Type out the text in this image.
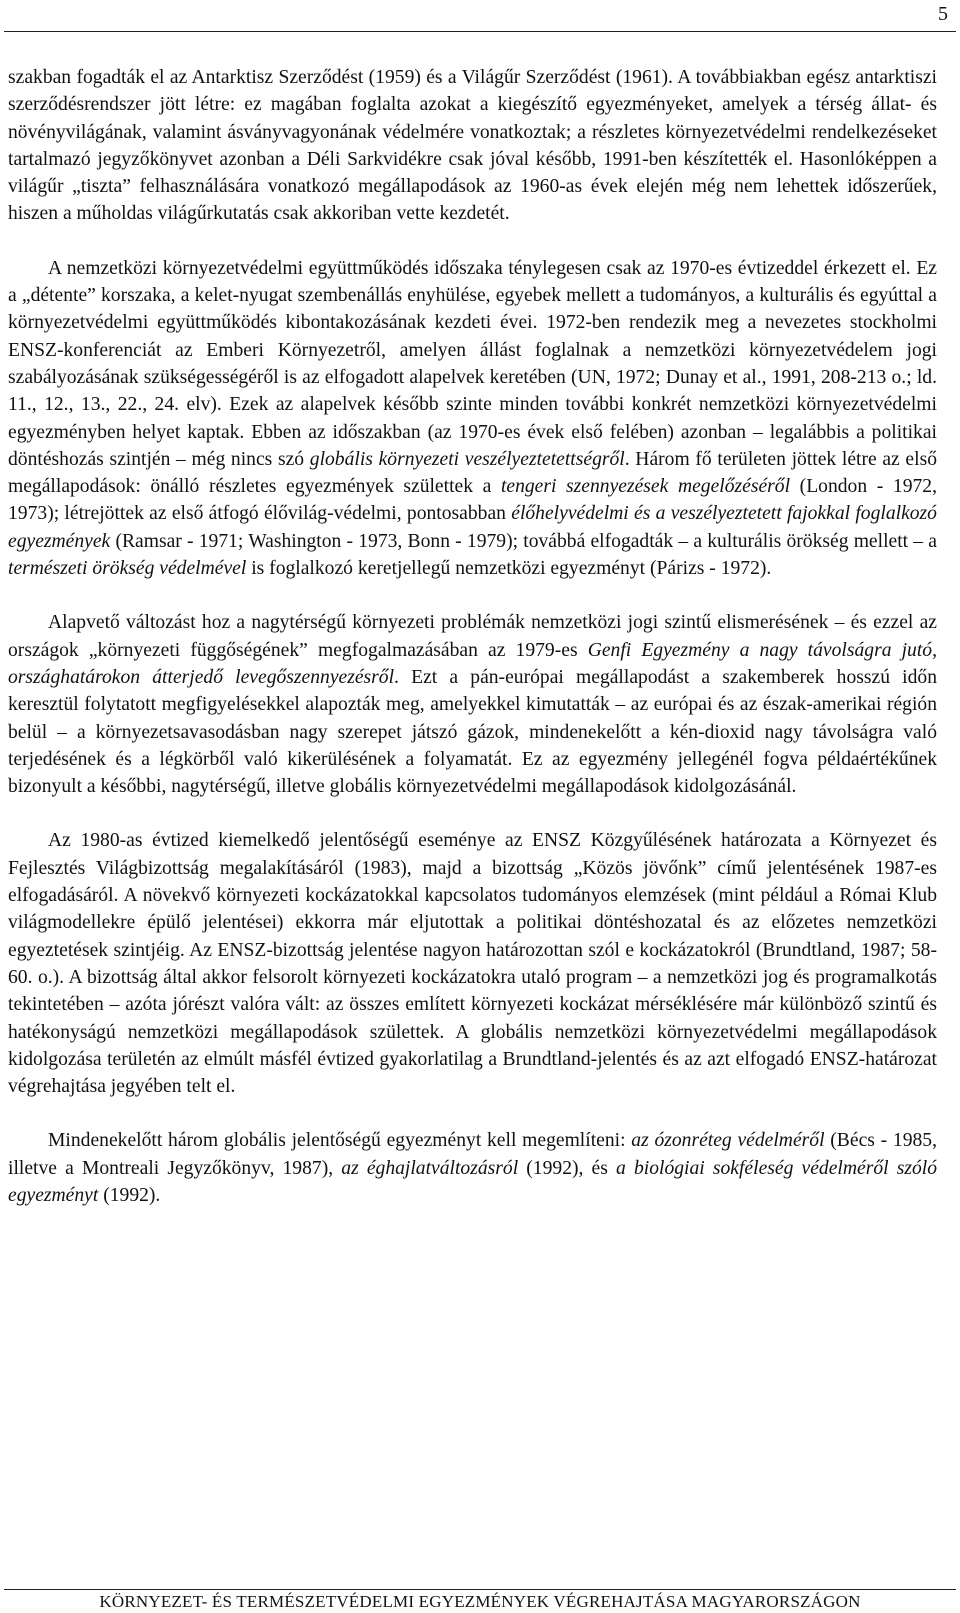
5

szakban fogadták el az Antarktisz Szerződést (1959) és a Világűr Szerződést (1961). A továbbiakban egész antarktiszi szerződésrendszer jött létre: ez magában foglalta azokat a kiegészítő egyezményeket, amelyek a térség állat- és növényvilágának, valamint ásványvagyonának védelmére vonatkoztak; a részletes környezetvédelmi rendelkezéseket tartalmazó jegyzőkönyvet azonban a Déli Sarkvidékre csak jóval később, 1991-ben készítették el. Hasonlóképpen a világűr „tiszta” felhasználására vonatkozó megállapodások az 1960-as évek elején még nem lehettek időszerűek, hiszen a műholdas világűrkutatás csak akkoriban vette kezdetét.

A nemzetközi környezetvédelmi együttműködés időszaka ténylegesen csak az 1970-es évtizeddel érkezett el. Ez a „détente” korszaka, a kelet-nyugat szembenállás enyhülése, egyebek mellett a tudományos, a kulturális és egyúttal a környezetvédelmi együttműködés kibontakozásának kezdeti évei. 1972-ben rendezik meg a nevezetes stockholmi ENSZ-konferenciát az Emberi Környezetről, amelyen állást foglalnak a nemzetközi környezetvédelem jogi szabályozásának szükségességéről is az elfogadott alapelvek keretében (UN, 1972; Dunay et al., 1991, 208-213 o.; ld. 11., 12., 13., 22., 24. elv). Ezek az alapelvek később szinte minden további konkrét nemzetközi környezetvédelmi egyezményben helyet kaptak. Ebben az időszakban (az 1970-es évek első felében) azonban – legalábbis a politikai döntéshozás szintjén – még nincs szó globális környezeti veszélyeztetettségről. Három fő területen jöttek létre az első megállapodások: önálló részletes egyezmények születtek a tengeri szennyezések megelőzéséről (London - 1972, 1973); létrejöttek az első átfogó élővilág-védelmi, pontosabban élőhelyvédelmi és a veszélyeztetett fajokkal foglalkozó egyezmények (Ramsar - 1971; Washington - 1973, Bonn - 1979); továbbá elfogadták – a kulturális örökség mellett – a természeti örökség védelmével is foglalkozó keretjellegű nemzetközi egyezményt (Párizs - 1972).

Alapvető változást hoz a nagytérségű környezeti problémák nemzetközi jogi szintű elismerésének – és ezzel az országok „környezeti függőségének” megfogalmazásában az 1979-es Genfi Egyezmény a nagy távolságra jutó, országhatárokon átterjedő levegőszennyezésről. Ezt a pán-európai megállapodást a szakemberek hosszú időn keresztül folytatott megfigyelésekkel alapozták meg, amelyekkel kimutatták – az európai és az észak-amerikai régión belül – a környezetsavasodásban nagy szerepet játszó gázok, mindenekelőtt a kén-dioxid nagy távolságra való terjedésének és a légkörből való kikerülésének a folyamatát. Ez az egyezmény jellegénél fogva példaértékűnek bizonyult a későbbi, nagytérségű, illetve globális környezetvédelmi megállapodások kidolgozásánál.

Az 1980-as évtized kiemelkedő jelentőségű eseménye az ENSZ Közgyűlésének határozata a Környezet és Fejlesztés Világbizottság megalakításáról (1983), majd a bizottság „Közös jövőnk” című jelentésének 1987-es elfogadásáról. A növekvő környezeti kockázatokkal kapcsolatos tudományos elemzések (mint például a Római Klub világmodellekre épülő jelentései) ekkorra már eljutottak a politikai döntéshozatal és az előzetes nemzetközi egyeztetések szintjéig. Az ENSZ-bizottság jelentése nagyon határozottan szól e kockázatokról (Brundtland, 1987; 58-60. o.). A bizottság által akkor felsorolt környezeti kockázatokra utaló program – a nemzetközi jog és programalkotás tekintetében – azóta jórészt valóra vált: az összes említett környezeti kockázat mérséklésére már különböző szintű és hatékonyságú nemzetközi megállapodások születtek. A globális nemzetközi környezetvédelmi megállapodások kidolgozása területén az elmúlt másfél évtized gyakorlatilag a Brundtland-jelentés és az azt elfogadó ENSZ-határozat végrehajtása jegyében telt el.

Mindenekelőtt három globális jelentőségű egyezményt kell megemlíteni: az ózonréteg védelméről (Bécs - 1985, illetve a Montreali Jegyzőkönyv, 1987), az éghajlatváltozásról (1992), és a biológiai sokféleség védelméről szóló egyezményt (1992).

KÖRNYEZET- ÉS TERMÉSZETVÉDELMI EGYEZMÉNYEK VÉGREHAJTÁSA MAGYARORSZÁGON
